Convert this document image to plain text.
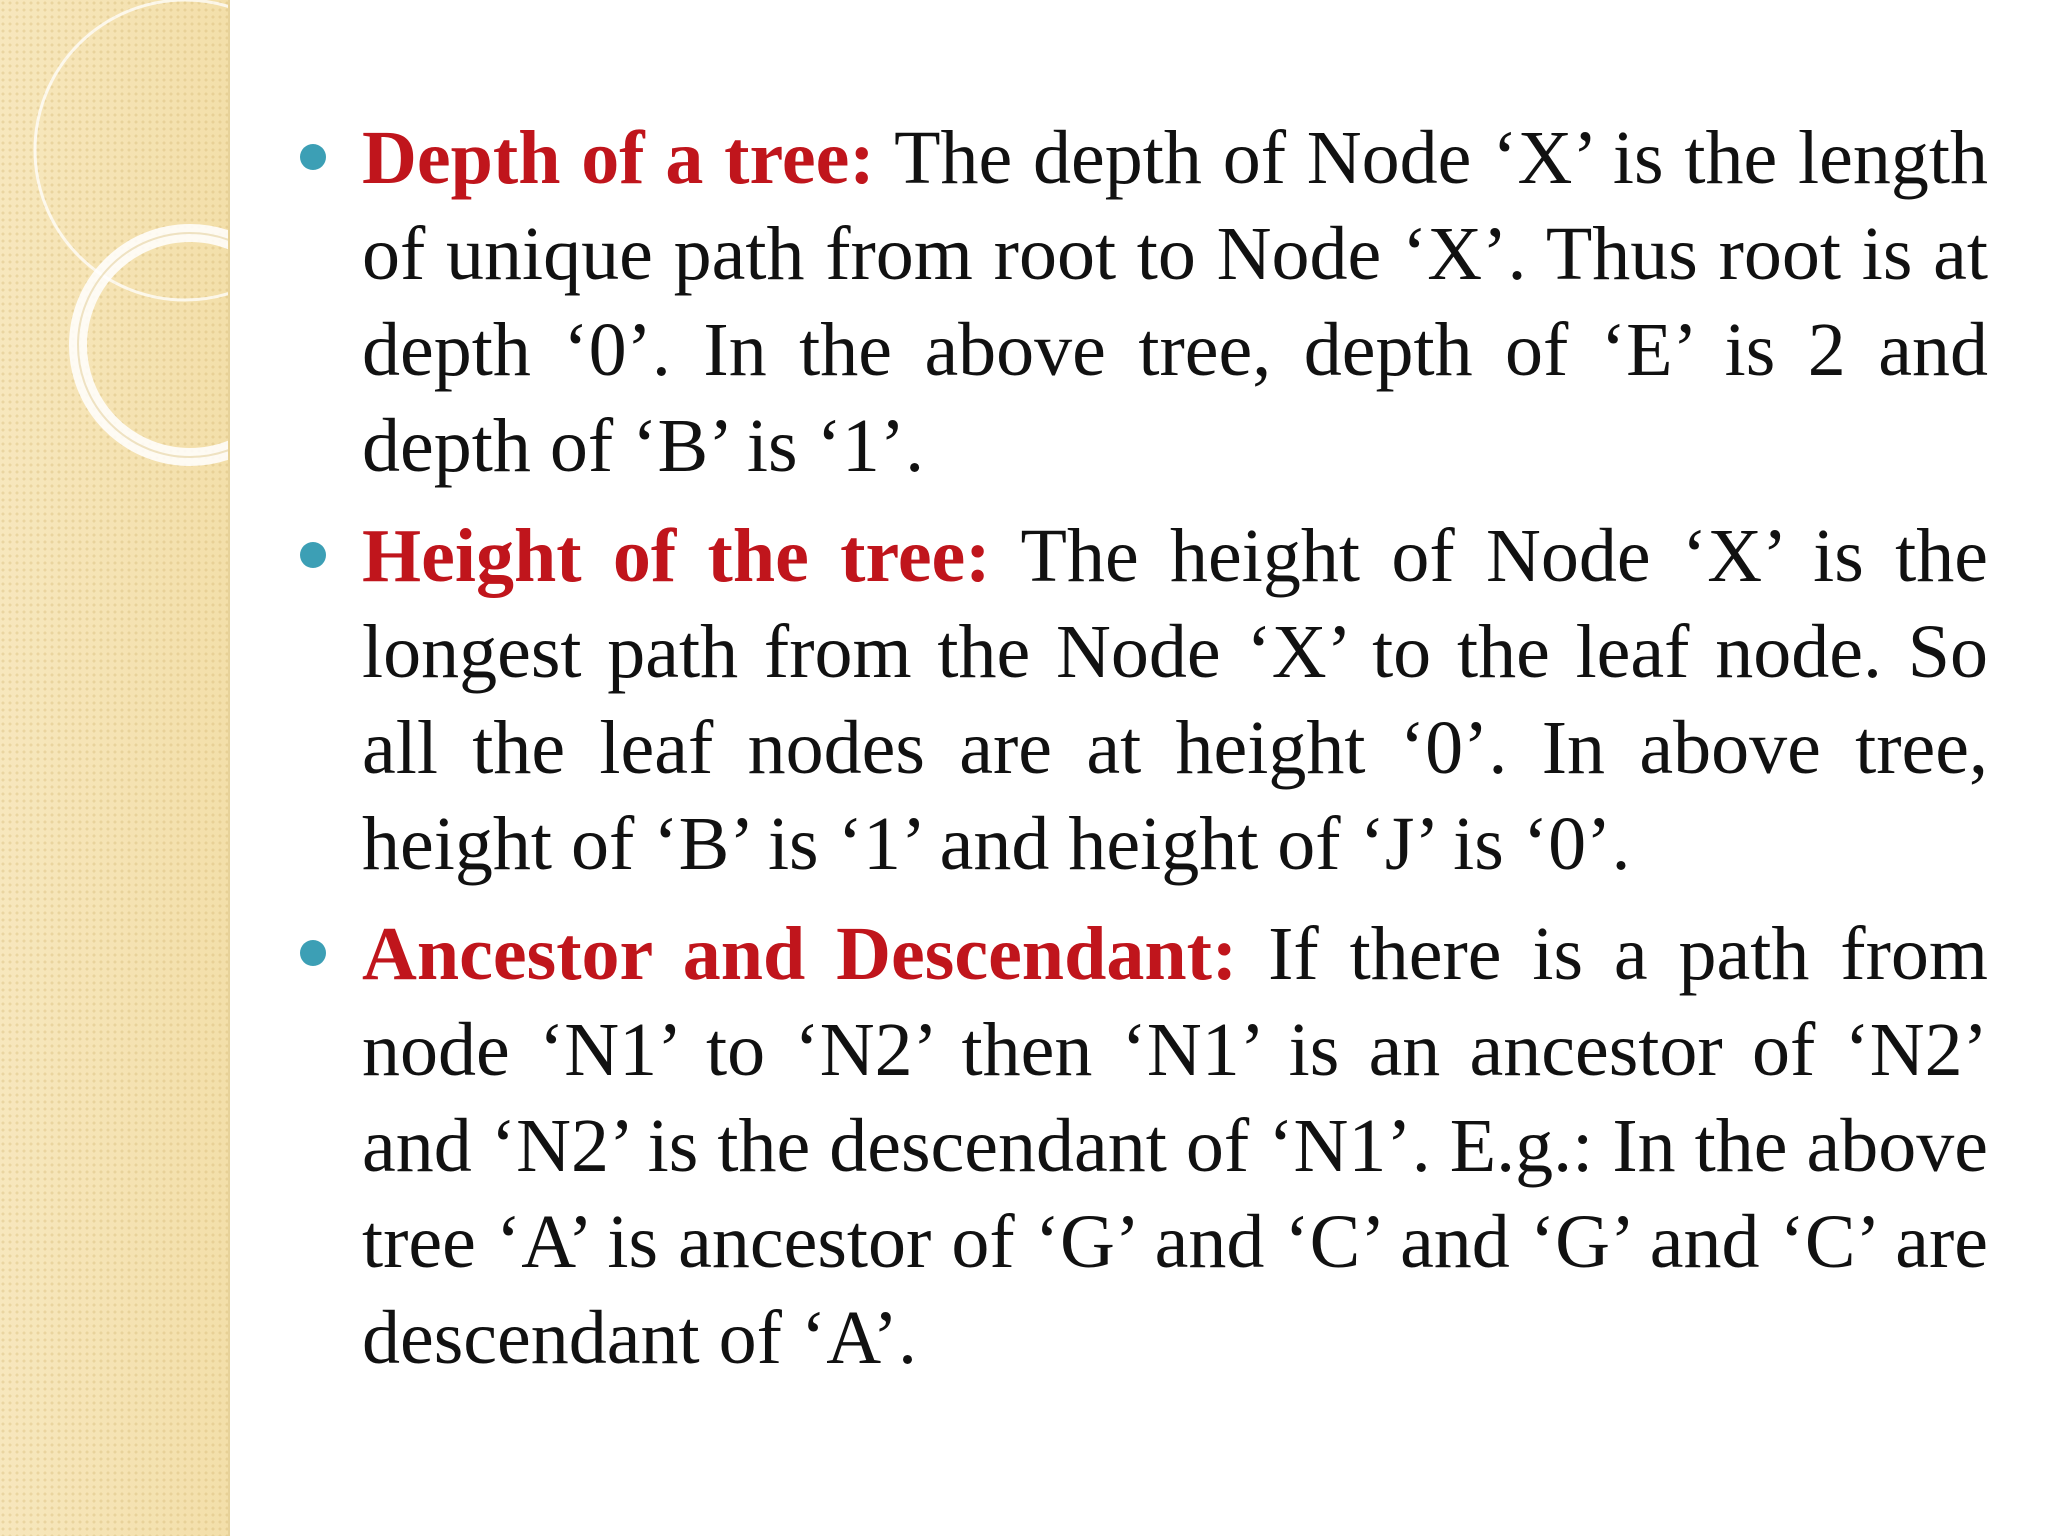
Depth of a tree: The depth of Node ‘X’ is the length of unique path from root to Node ‘X’. Thus root is at depth ‘0’. In the above tree, depth of ‘E’ is 2 and depth of ‘B’ is ‘1’.
Height of the tree: The height of Node ‘X’ is the longest path from the Node ‘X’ to the leaf node. So all the leaf nodes are at height ‘0’. In above tree, height of ‘B’ is ‘1’ and height of ‘J’ is ‘0’.
Ancestor and Descendant: If there is a path from node ‘N1’ to ‘N2’ then ‘N1’ is an ancestor of ‘N2’ and ‘N2’ is the descendant of ‘N1’. E.g.: In the above tree ‘A’ is ancestor of ‘G’ and ‘C’ and ‘G’ and ‘C’ are descendant of ‘A’.
